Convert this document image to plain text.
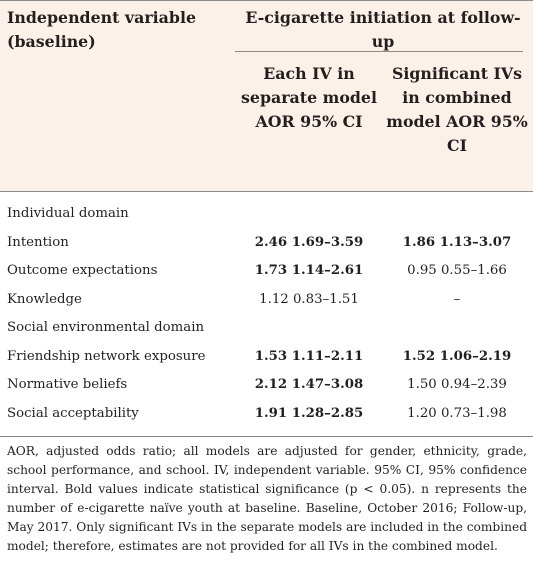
Independent variable (baseline)
E-cigarette initiation at follow-up
Each IV in separate model AOR 95% CI
Significant IVs in combined model AOR 95% CI
Individual domain
Intention	2.46 1.69–3.59	1.86 1.13–3.07
Outcome expectations	1.73 1.14–2.61	0.95 0.55–1.66
Knowledge	1.12 0.83–1.51	–
Social environmental domain
Friendship network exposure	1.53 1.11–2.11	1.52 1.06–2.19
Normative beliefs	2.12 1.47–3.08	1.50 0.94–2.39
Social acceptability	1.91 1.28–2.85	1.20 0.73–1.98
AOR, adjusted odds ratio; all models are adjusted for gender, ethnicity, grade, school performance, and school. IV, independent variable. 95% CI, 95% confidence interval. Bold values indicate statistical significance (p < 0.05). n represents the number of e-cigarette naïve youth at baseline. Baseline, October 2016; Follow-up, May 2017. Only significant IVs in the separate models are included in the combined model; therefore, estimates are not provided for all IVs in the combined model.
